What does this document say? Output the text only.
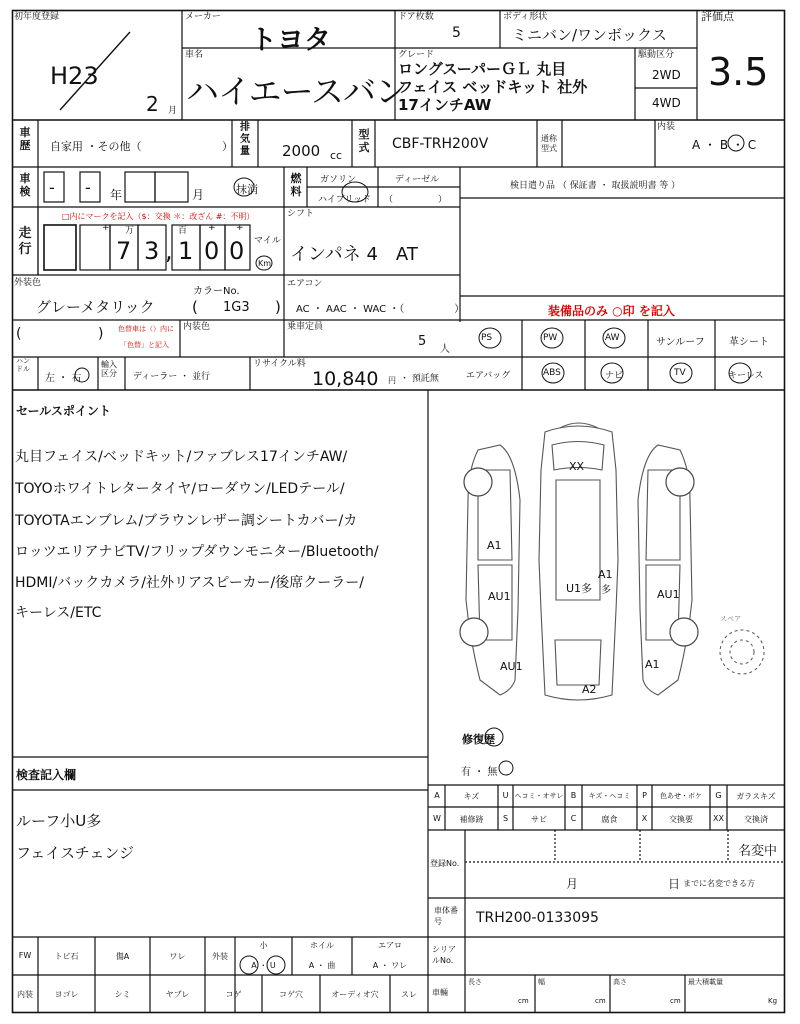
初年度登録
H23
2 月
メーカー
トヨタ
ドア枚数
5
ボディ形状
ミニバン/ワンボックス
評価点
3.5
車名
ハイエースバン
グレード
ロングスーパーＧＬ 丸目
フェイス ベッドキット 社外
17インチAW
駆動区分
2WD
4WD
車歴 自家用 ・その他（	）
排気量 2000 cc
型式 CBF-TRH200V	通称型式
内装
A ・ B ・ C
車検 - - 年	月	抹消
燃料
ガソリン	ディーゼル
ハイブリッド （　　　　　）
検日遣り品 （ 保証書 ・ 取扱説明書 等 ）
走行
□内にマークを記入（$：交換 ＊：改ざん #：不明）
+ 万	百 + +
7 3 , 1 0 0 マイル
Km
シフト
インパネ 4　AT
外装色
グレーメタリック
カラーNo.
( 1G3 )
エアコン
AC ・ AAC ・ WAC ・（　　　　　）	装備品のみ ○印 を記入
(	) 色替車は（）内に
「色替」と記入
内装色	乗車定員
5
人
PS	PW	AW	サンルーフ 革シート
エアバッグ	ABS	ナビ	TV	キーレス
ハンドル
左 ・ 右
輸入区分	ディーラー ・ 並行
リサイクル料
10,840 円 ・ 預託無
セールスポイント
丸目フェイス/ベッドキット/ファブレス17インチAW/
TOYOホワイトレタータイヤ/ローダウン/LEDテール/
TOYOTAエンブレム/ブラウンレザー調シートカバー/カ
ロッツエリアナビTV/フリップダウンモニター/Bluetooth/
HDMI/バックカメラ/社外リアスピーカー/後席クーラー/
キーレス/ETC
XX
A1
AU1
U1多
A1
多	AU1
AU1	A1
A2
スペア
修復歴
有 ・ 無
検査記入欄
ルーフ小U多
フェイスチェンジ
A	キズ	U ヘコミ・オサレ B	キズ・ヘコミ	P	色あせ・ボケ	G	ガラスキズ
W	補修跡	S	サビ	C	腐食	X	交換要	XX	交換済
登録No.
名変中
月	日 までに名変できる方
車体番号	TRH200-0133095
シリアルNo.
車輛
長さ
cm
幅
cm
高さ
cm
最大積載量
Kg
FW	トビ石	傷A	ワレ	外装
小
A ・ U
ホイル
A ・ 曲
エアロ
A ・ ワレ
内装	ヨゴレ	シミ	ヤブレ	コゲ	コゲ穴	オーディオ穴	スレ
